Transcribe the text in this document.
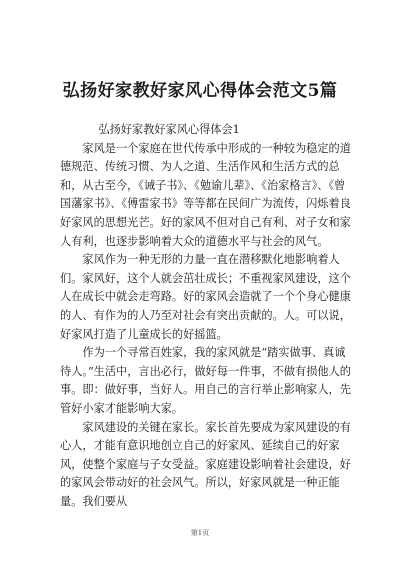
弘扬好家教好家风心得体会范文5篇

弘扬好家教好家风心得体会1

家风是一个家庭在世代传承中形成的一种较为稳定的道德规范、传统习惯、为人之道、生活作风和生活方式的总和，从古至今，《诫子书》、《勉谕儿辈》、《治家格言》、《曾国藩家书》、《傅雷家书》等等都在民间广为流传，闪烁着良好家风的思想光芒。好的家风不但对自己有利、对子女和家人有利，也逐步影响着大众的道德水平与社会的风气。

家风作为一种无形的力量一直在潜移默化地影响着人们。家风好，这个人就会茁壮成长；不重视家风建设，这个人在成长中就会走弯路。好的家风会造就了一个个身心健康的人、有作为的人乃至对社会有突出贡献的。人。可以说，好家风打造了儿童成长的好摇篮。

作为一个寻常百姓家，我的家风就是“踏实做事、真诚待人。”生活中，言出必行，做好每一件事，不做有损他人的事。即：做好事，当好人。用自己的言行举止影响家人，先管好小家才能影响大家。

家风建设的关键在家长。家长首先要成为家风建设的有心人，才能有意识地创立自己的好家风、延续自己的好家风，使整个家庭与子女受益。家庭建设影响着社会建设，好的家风会带动好的社会风气。所以，好家风就是一种正能量。我们要从

第1页
